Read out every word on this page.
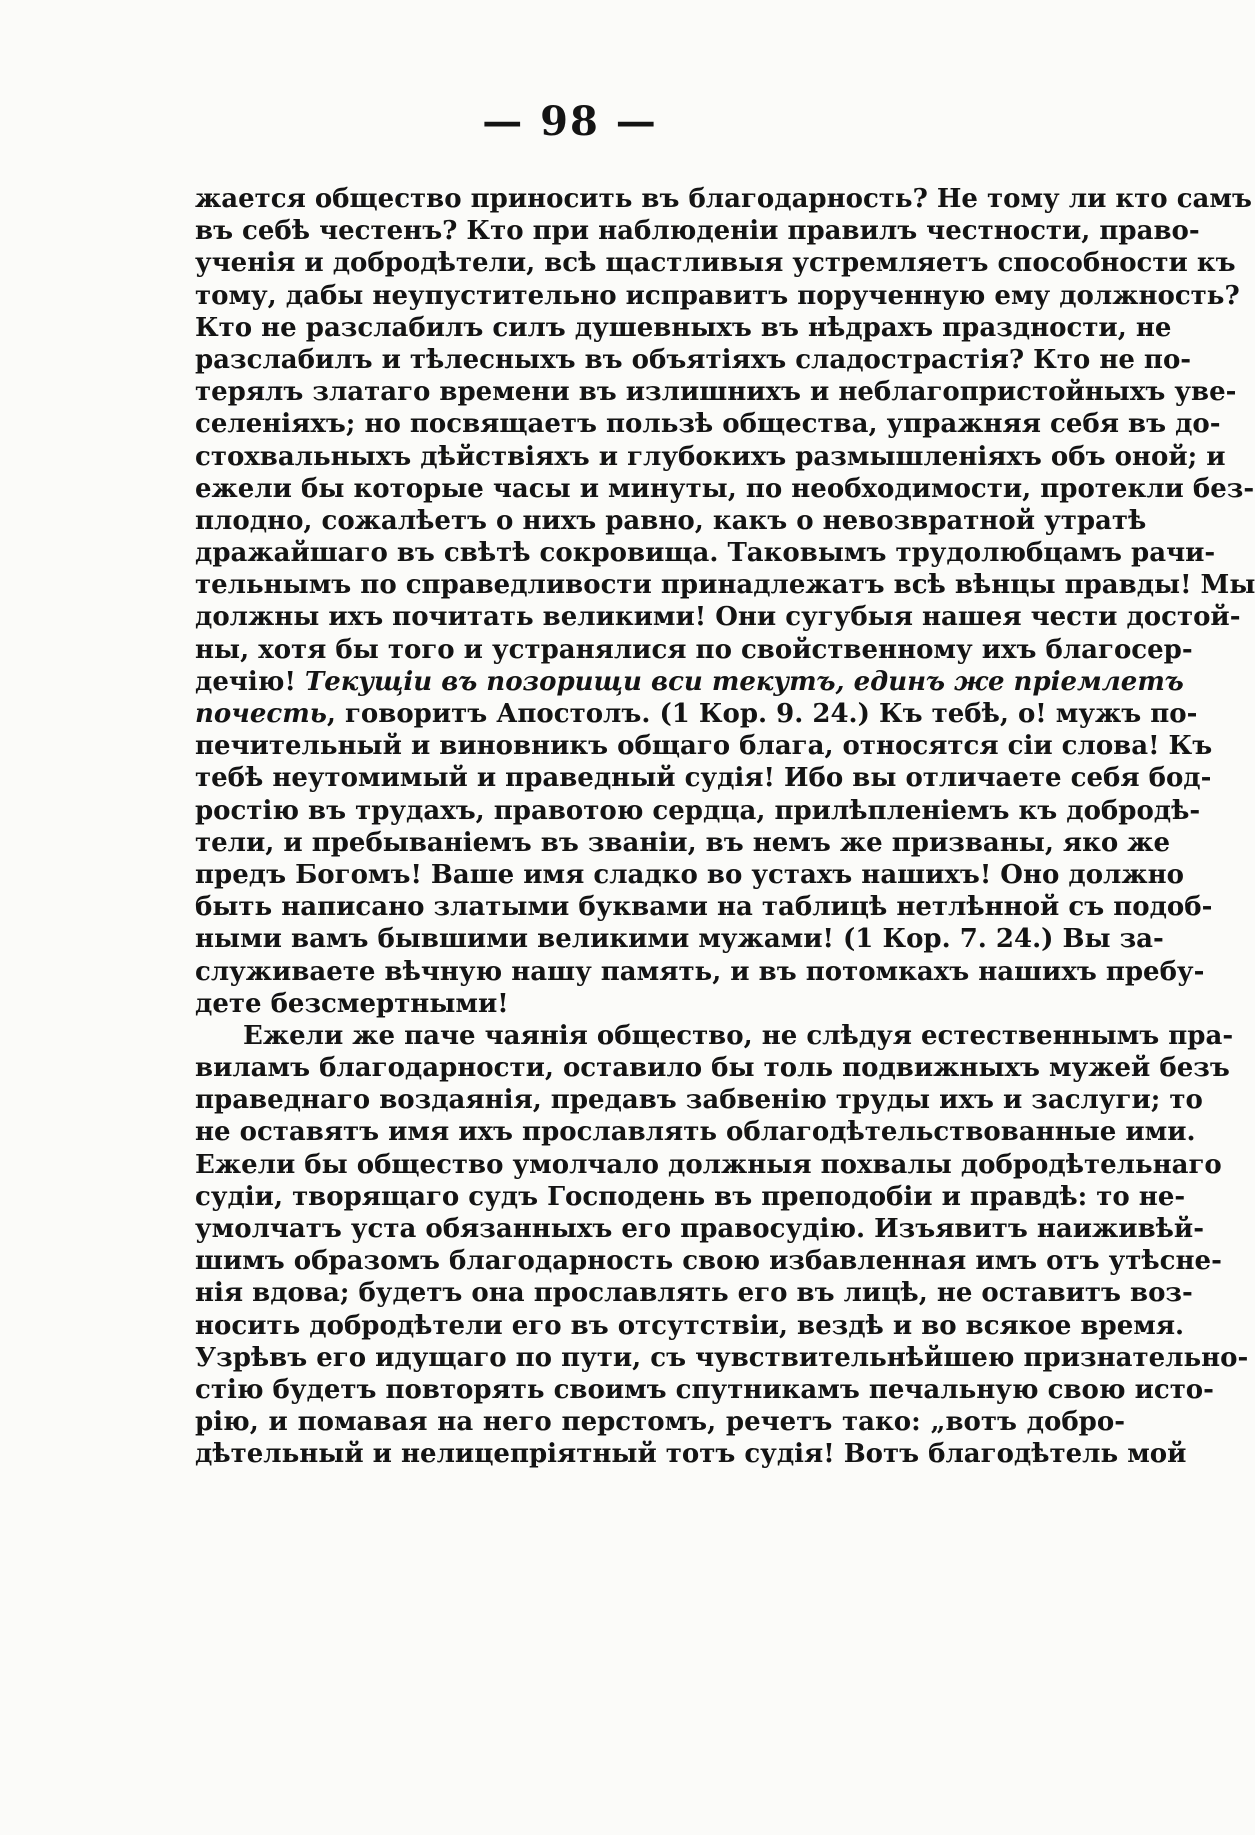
— 98 —
жается общество приносить въ благодарность? Не тому ли кто самъ
въ себѣ честенъ? Кто при наблюденіи правилъ честности, право-
ученія и добродѣтели, всѣ щастливыя устремляетъ способности къ
тому, дабы неупустительно исправитъ порученную ему должность?
Кто не разслабилъ силъ душевныхъ въ нѣдрахъ праздности, не
разслабилъ и тѣлесныхъ въ объятіяхъ сладострастія? Кто не по-
терялъ златаго времени въ излишнихъ и неблагопристойныхъ уве-
селеніяхъ; но посвящаетъ пользѣ общества, упражняя себя въ до-
стохвальныхъ дѣйствіяхъ и глубокихъ размышленіяхъ объ оной; и
ежели бы которые часы и минуты, по необходимости, протекли без-
плодно, сожалѣетъ о нихъ равно, какъ о невозвратной утратѣ
дражайшаго въ свѣтѣ сокровища. Таковымъ трудолюбцамъ рачи-
тельнымъ по справедливости принадлежатъ всѣ вѣнцы правды! Мы
должны ихъ почитать великими! Они сугубыя нашея чести достой-
ны, хотя бы того и устранялися по свойственному ихъ благосер-
дечію! Текущіи въ позорищи вси текутъ, единъ же пріемлетъ
почесть, говоритъ Апостолъ. (1 Кор. 9. 24.) Къ тебѣ, о! мужъ по-
печительный и виновникъ общаго блага, относятся сіи слова! Къ
тебѣ неутомимый и праведный судія! Ибо вы отличаете себя бод-
ростію въ трудахъ, правотою сердца, прилѣпленіемъ къ добродѣ-
тели, и пребываніемъ въ званіи, въ немъ же призваны, яко же
предъ Богомъ! Ваше имя сладко во устахъ нашихъ! Оно должно
быть написано златыми буквами на таблицѣ нетлѣнной съ подоб-
ными вамъ бывшими великими мужами! (1 Кор. 7. 24.) Вы за-
служиваете вѣчную нашу память, и въ потомкахъ нашихъ пребу-
дете безсмертными!
Ежели же паче чаянія общество, не слѣдуя естественнымъ пра-
виламъ благодарности, оставило бы толь подвижныхъ мужей безъ
праведнаго воздаянія, предавъ забвенію труды ихъ и заслуги; то
не оставятъ имя ихъ прославлять облагодѣтельствованные ими.
Ежели бы общество умолчало должныя похвалы добродѣтельнаго
судіи, творящаго судъ Господень въ преподобіи и правдѣ: то не-
умолчатъ уста обязанныхъ его правосудію. Изъявитъ наиживѣй-
шимъ образомъ благодарность свою избавленная имъ отъ утѣсне-
нія вдова; будетъ она прославлять его въ лицѣ, не оставитъ воз-
носить добродѣтели его въ отсутствіи, вездѣ и во всякое время.
Узрѣвъ его идущаго по пути, съ чувствительнѣйшею признательно-
стію будетъ повторять своимъ спутникамъ печальную свою исто-
рію, и помавая на него перстомъ, речетъ тако: „вотъ добро-
дѣтельный и нелицепріятный тотъ судія! Вотъ благодѣтель мой
